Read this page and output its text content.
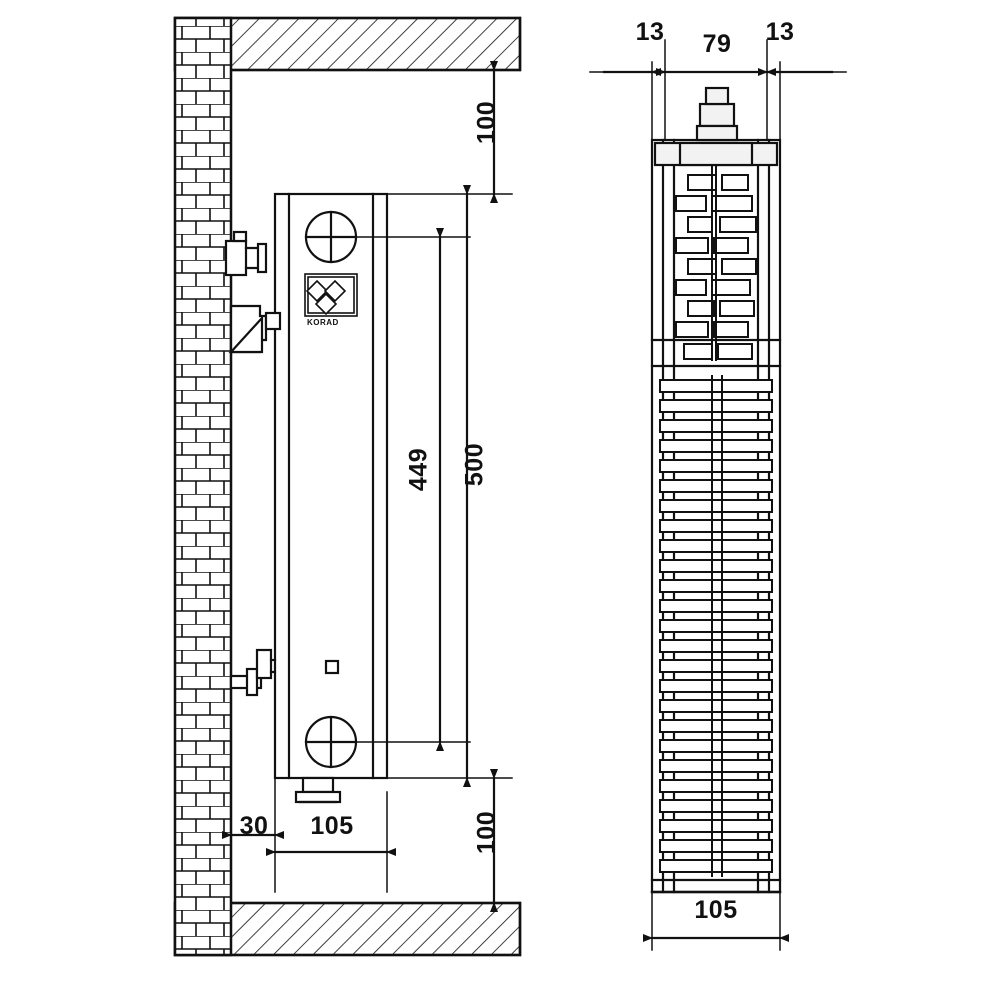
100
100
500
449
30	105
13 79 13
105
KORAD
